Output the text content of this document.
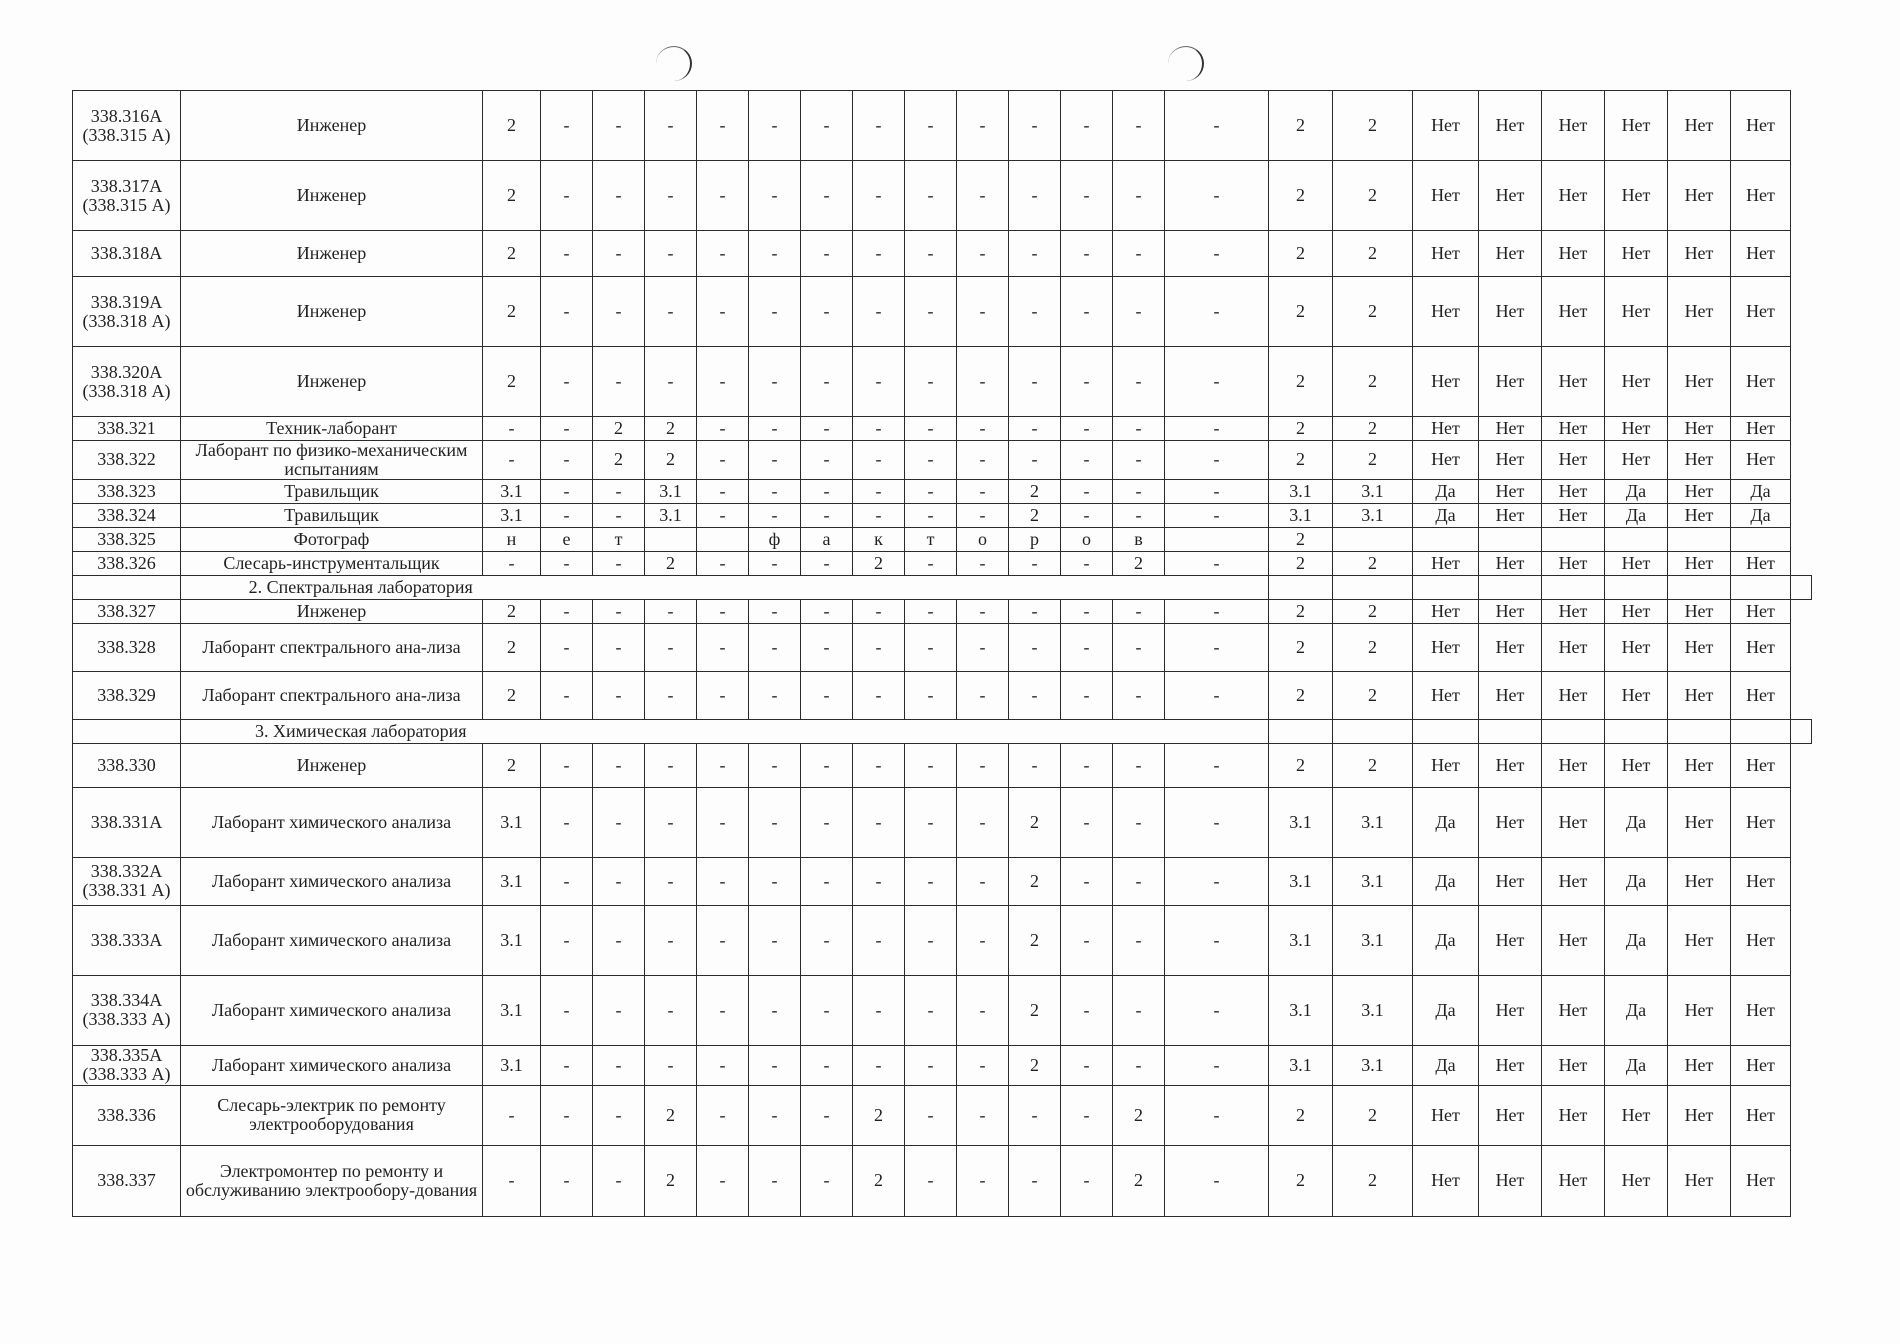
338.316А (338.315 А)	Инженер	2	-	-	-	-	-	-	-	-	-	-	-	-	-	2	2	Нет	Нет	Нет	Нет	Нет	Нет	
338.317А (338.315 А)	Инженер	2	-	-	-	-	-	-	-	-	-	-	-	-	-	2	2	Нет	Нет	Нет	Нет	Нет	Нет	
338.318А	Инженер	2	-	-	-	-	-	-	-	-	-	-	-	-	-	2	2	Нет	Нет	Нет	Нет	Нет	Нет	
338.319А (338.318 А)	Инженер	2	-	-	-	-	-	-	-	-	-	-	-	-	-	2	2	Нет	Нет	Нет	Нет	Нет	Нет	
338.320А (338.318 А)	Инженер	2	-	-	-	-	-	-	-	-	-	-	-	-	-	2	2	Нет	Нет	Нет	Нет	Нет	Нет	
338.321	Техник-лаборант	-	-	2	2	-	-	-	-	-	-	-	-	-	-	2	2	Нет	Нет	Нет	Нет	Нет	Нет	
338.322	Лаборант по физико-механическим испытаниям	-	-	2	2	-	-	-	-	-	-	-	-	-	-	2	2	Нет	Нет	Нет	Нет	Нет	Нет	
338.323	Травильщик	3.1	-	-	3.1	-	-	-	-	-	-	2	-	-	-	3.1	3.1	Да	Нет	Нет	Да	Нет	Да	
338.324	Травильщик	3.1	-	-	3.1	-	-	-	-	-	-	2	-	-	-	3.1	3.1	Да	Нет	Нет	Да	Нет	Да	
338.325	Фотограф	н	е	т			ф	а	к	т	о	р	о	в		2								
338.326	Слесарь-инструментальщик	-	-	-	2	-	-	-	2	-	-	-	-	2	-	2	2	Нет	Нет	Нет	Нет	Нет	Нет	
	2. Спектральная лаборатория																							
338.327	Инженер	2	-	-	-	-	-	-	-	-	-	-	-	-	-	2	2	Нет	Нет	Нет	Нет	Нет	Нет	
338.328	Лаборант спектрального ана-лиза	2	-	-	-	-	-	-	-	-	-	-	-	-	-	2	2	Нет	Нет	Нет	Нет	Нет	Нет	
338.329	Лаборант спектрального ана-лиза	2	-	-	-	-	-	-	-	-	-	-	-	-	-	2	2	Нет	Нет	Нет	Нет	Нет	Нет	
	3. Химическая лаборатория																							
338.330	Инженер	2	-	-	-	-	-	-	-	-	-	-	-	-	-	2	2	Нет	Нет	Нет	Нет	Нет	Нет	
338.331А	Лаборант химического анализа	3.1	-	-	-	-	-	-	-	-	-	2	-	-	-	3.1	3.1	Да	Нет	Нет	Да	Нет	Нет	
338.332А (338.331 А)	Лаборант химического анализа	3.1	-	-	-	-	-	-	-	-	-	2	-	-	-	3.1	3.1	Да	Нет	Нет	Да	Нет	Нет	
338.333А	Лаборант химического анализа	3.1	-	-	-	-	-	-	-	-	-	2	-	-	-	3.1	3.1	Да	Нет	Нет	Да	Нет	Нет	
338.334А (338.333 А)	Лаборант химического анализа	3.1	-	-	-	-	-	-	-	-	-	2	-	-	-	3.1	3.1	Да	Нет	Нет	Да	Нет	Нет	
338.335А (338.333 А)	Лаборант химического анализа	3.1	-	-	-	-	-	-	-	-	-	2	-	-	-	3.1	3.1	Да	Нет	Нет	Да	Нет	Нет	
338.336	Слесарь-электрик по ремонту электрооборудования	-	-	-	2	-	-	-	2	-	-	-	-	2	-	2	2	Нет	Нет	Нет	Нет	Нет	Нет	
338.337	Электромонтер по ремонту и обслуживанию электрообору-дования	-	-	-	2	-	-	-	2	-	-	-	-	2	-	2	2	Нет	Нет	Нет	Нет	Нет	Нет	
